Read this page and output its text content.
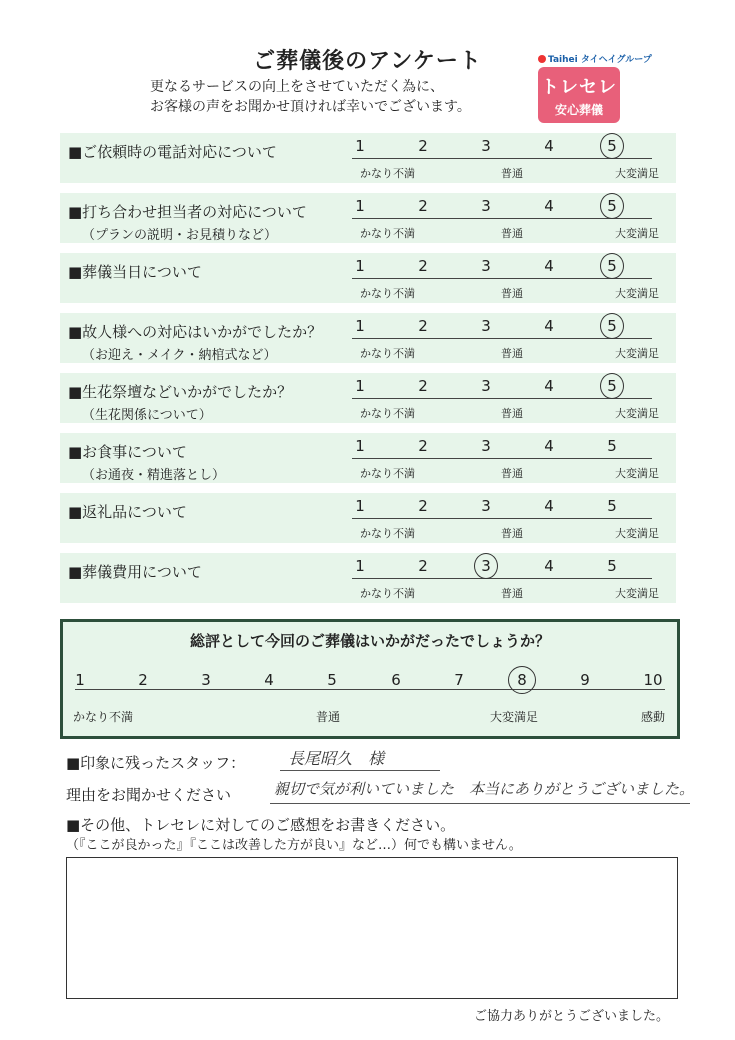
ご葬儀後のアンケート
更なるサービスの向上をさせていただく為に、
お客様の声をお聞かせ頂ければ幸いでございます。
Taihei タイヘイグループ
トレセレ
安心葬儀
■ご依頼時の電話対応について	1	2	3	4	5
かなり不満	普通	大変満足
■打ち合わせ担当者の対応について
（プランの説明・お見積りなど）
1	2	3	4	5
かなり不満	普通	大変満足
■葬儀当日について	1	2	3	4	5
かなり不満	普通	大変満足
■故人様への対応はいかがでしたか？
（お迎え・メイク・納棺式など）
1	2	3	4	5
かなり不満	普通	大変満足
■生花祭壇などいかがでしたか？
（生花関係について）
1	2	3	4	5
かなり不満	普通	大変満足
■お食事について
（お通夜・精進落とし）
1	2	3	4	5
かなり不満	普通	大変満足
■返礼品について	1	2	3	4	5
かなり不満	普通	大変満足
■葬儀費用について	1	2	3	4	5
かなり不満	普通	大変満足
総評として今回のご葬儀はいかがだったでしょうか？
1	2	3	4	5	6	7	8	9	10
かなり不満	普通	大変満足	感動
■印象に残ったスタッフ：	長尾昭久　様
理由をお聞かせください	親切で気が利いていました　本当にありがとうございました。
■その他、トレセレに対してのご感想をお書きください。
（『ここが良かった』『ここは改善した方が良い』など…）何でも構いません。
ご協力ありがとうございました。
